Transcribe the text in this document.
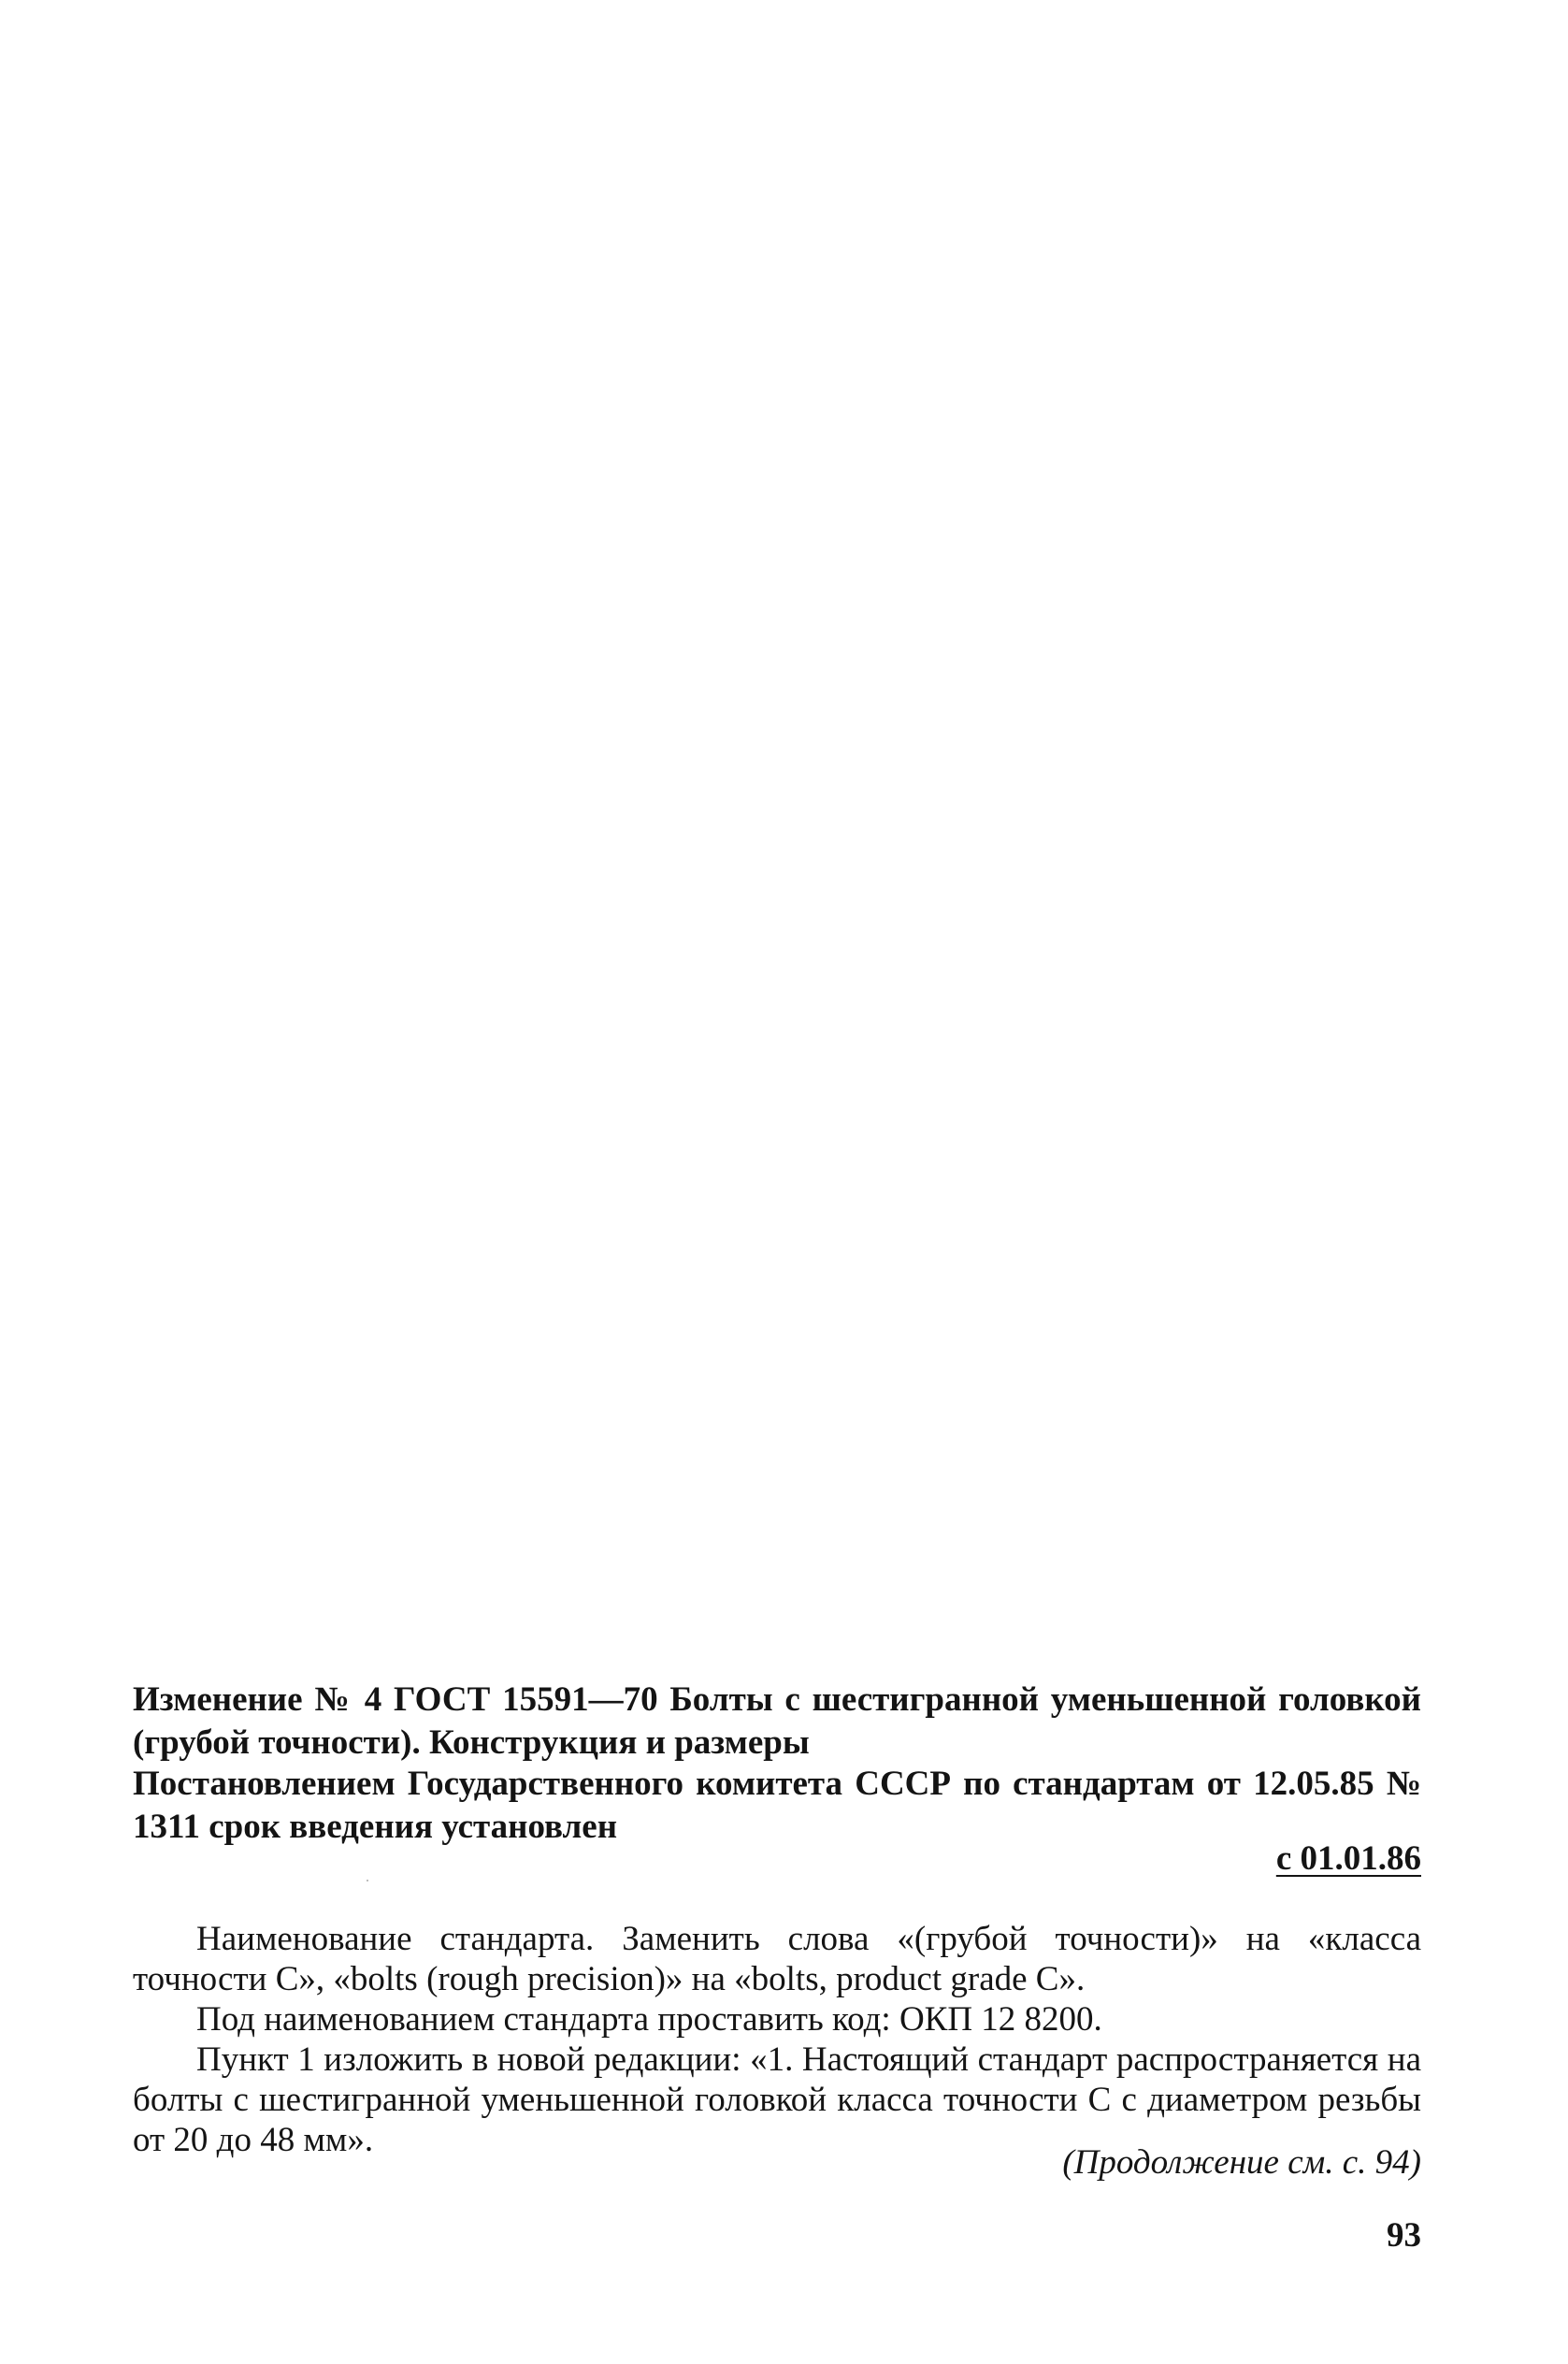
Изменение № 4 ГОСТ 15591—70 Болты с шестигранной уменьшенной головкой (грубой точности). Конструкция и размеры

Постановлением Государственного комитета СССР по стандартам от 12.05.85 № 1311 срок введения установлен

с 01.01.86

Наименование стандарта. Заменить слова «(грубой точности)» на «класса точности С», «bolts (rough precision)» на «bolts, product grade C».

Под наименованием стандарта проставить код: ОКП 12 8200.

Пункт 1 изложить в новой редакции: «1. Настоящий стандарт распространяется на болты с шестигранной уменьшенной головкой класса точности С с диаметром резьбы от 20 до 48 мм».

(Продолжение см. с. 94)

93
